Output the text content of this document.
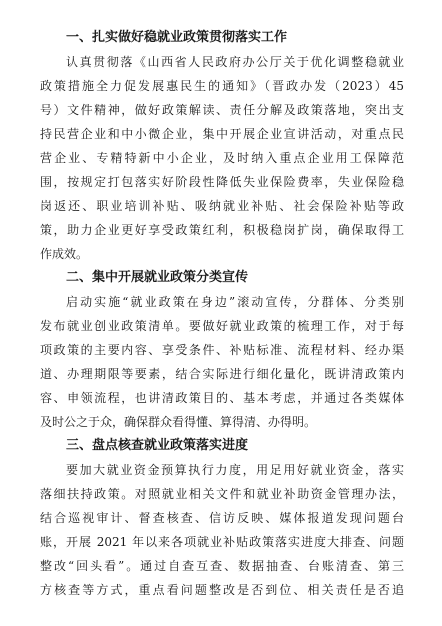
一、扎实做好稳就业政策贯彻落实工作
认真贯彻落《山西省人民政府办公厅关于优化调整稳就业
政策措施全力促发展惠民生的通知》（晋政办发（2023）45
号）文件精神，做好政策解读、责任分解及政策落地，突出支
持民营企业和中小微企业，集中开展企业宣讲活动，对重点民
营企业、专精特新中小企业，及时纳入重点企业用工保障范
围，按规定打包落实好阶段性降低失业保险费率，失业保险稳
岗返还、职业培训补贴、吸纳就业补贴、社会保险补贴等政
策，助力企业更好享受政策红利，积极稳岗扩岗，确保取得工
作成效。
二、集中开展就业政策分类宣传
启动实施“就业政策在身边”滚动宣传，分群体、分类别
发布就业创业政策清单。要做好就业政策的梳理工作，对于每
项政策的主要内容、享受条件、补贴标准、流程材料、经办渠
道、办理期限等要素，结合实际进行细化量化，既讲清政策内
容、申领流程，也讲清政策目的、基本考虑，并通过各类媒体
及时公之于众，确保群众看得懂、算得清、办得明。
三、盘点核查就业政策落实进度
要加大就业资金预算执行力度，用足用好就业资金，落实
落细扶持政策。对照就业相关文件和就业补助资金管理办法，
结合巡视审计、督查核查、信访反映、媒体报道发现问题台
账，开展 2021 年以来各项就业补贴政策落实进度大排查、问题
整改“回头看”。通过自查互查、数据抽查、台账清查、第三
方核查等方式，重点看问题整改是否到位、相关责任是否追
